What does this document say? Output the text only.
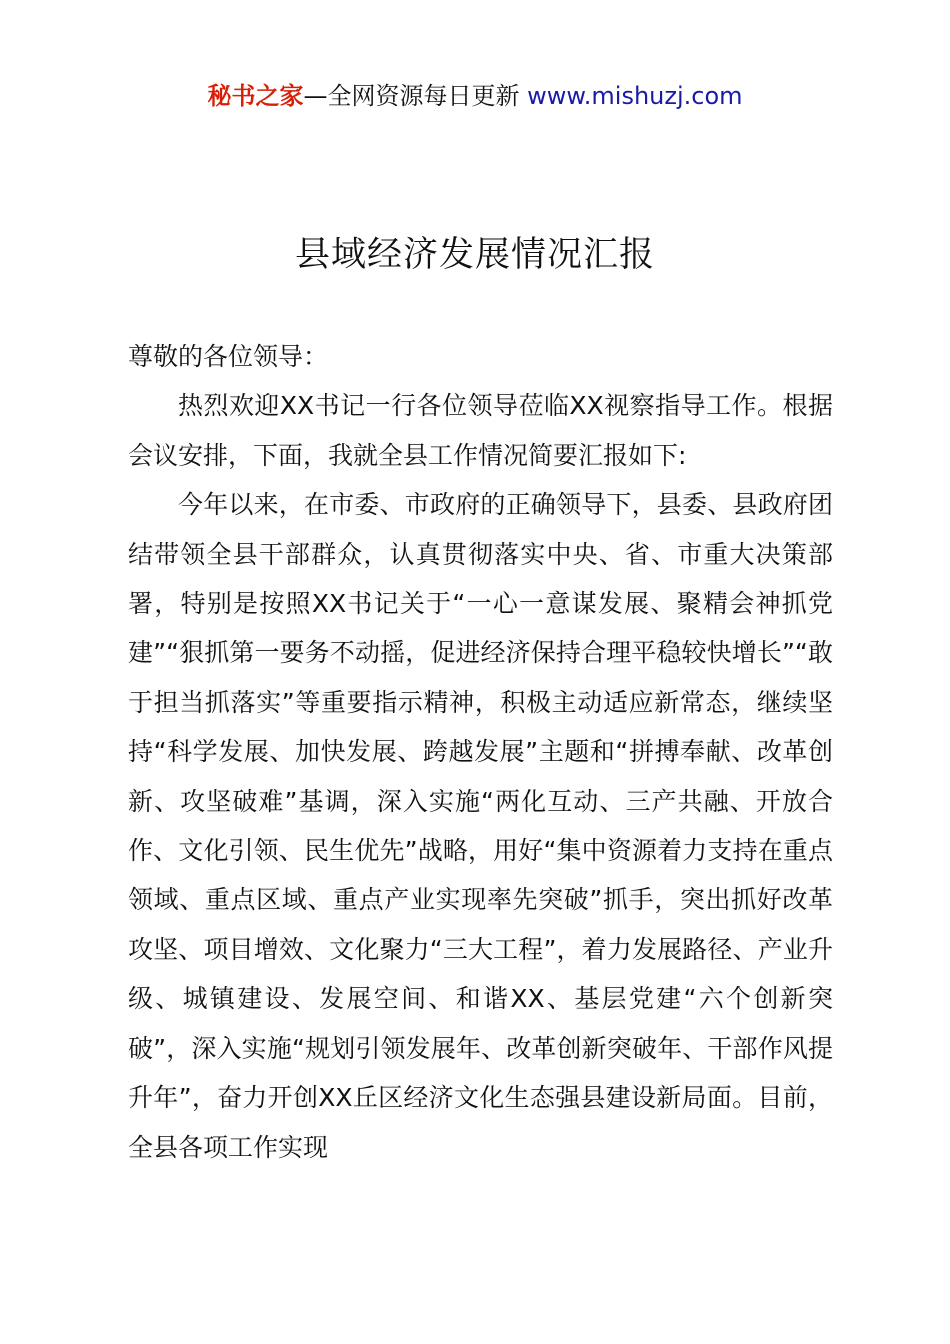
秘书之家—全网资源每日更新 www.mishuzj.com
县域经济发展情况汇报

尊敬的各位领导：

热烈欢迎XX书记一行各位领导莅临XX视察指导工作。根据会议安排，下面，我就全县工作情况简要汇报如下:

今年以来，在市委、市政府的正确领导下，县委、县政府团结带领全县干部群众，认真贯彻落实中央、省、市重大决策部署，特别是按照XX书记关于“一心一意谋发展、聚精会神抓党建”“狠抓第一要务不动摇，促进经济保持合理平稳较快增长”“敢于担当抓落实”等重要指示精神，积极主动适应新常态，继续坚持“科学发展、加快发展、跨越发展”主题和“拼搏奉献、改革创新、攻坚破难”基调，深入实施“两化互动、三产共融、开放合作、文化引领、民生优先”战略，用好“集中资源着力支持在重点领域、重点区域、重点产业实现率先突破”抓手，突出抓好改革攻坚、项目增效、文化聚力“三大工程”，着力发展路径、产业升级、城镇建设、发展空间、和谐XX、基层党建“六个创新突破”，深入实施“规划引领发展年、改革创新突破年、干部作风提升年”，奋力开创XX丘区经济文化生态强县建设新局面。目前，全县各项工作实现
